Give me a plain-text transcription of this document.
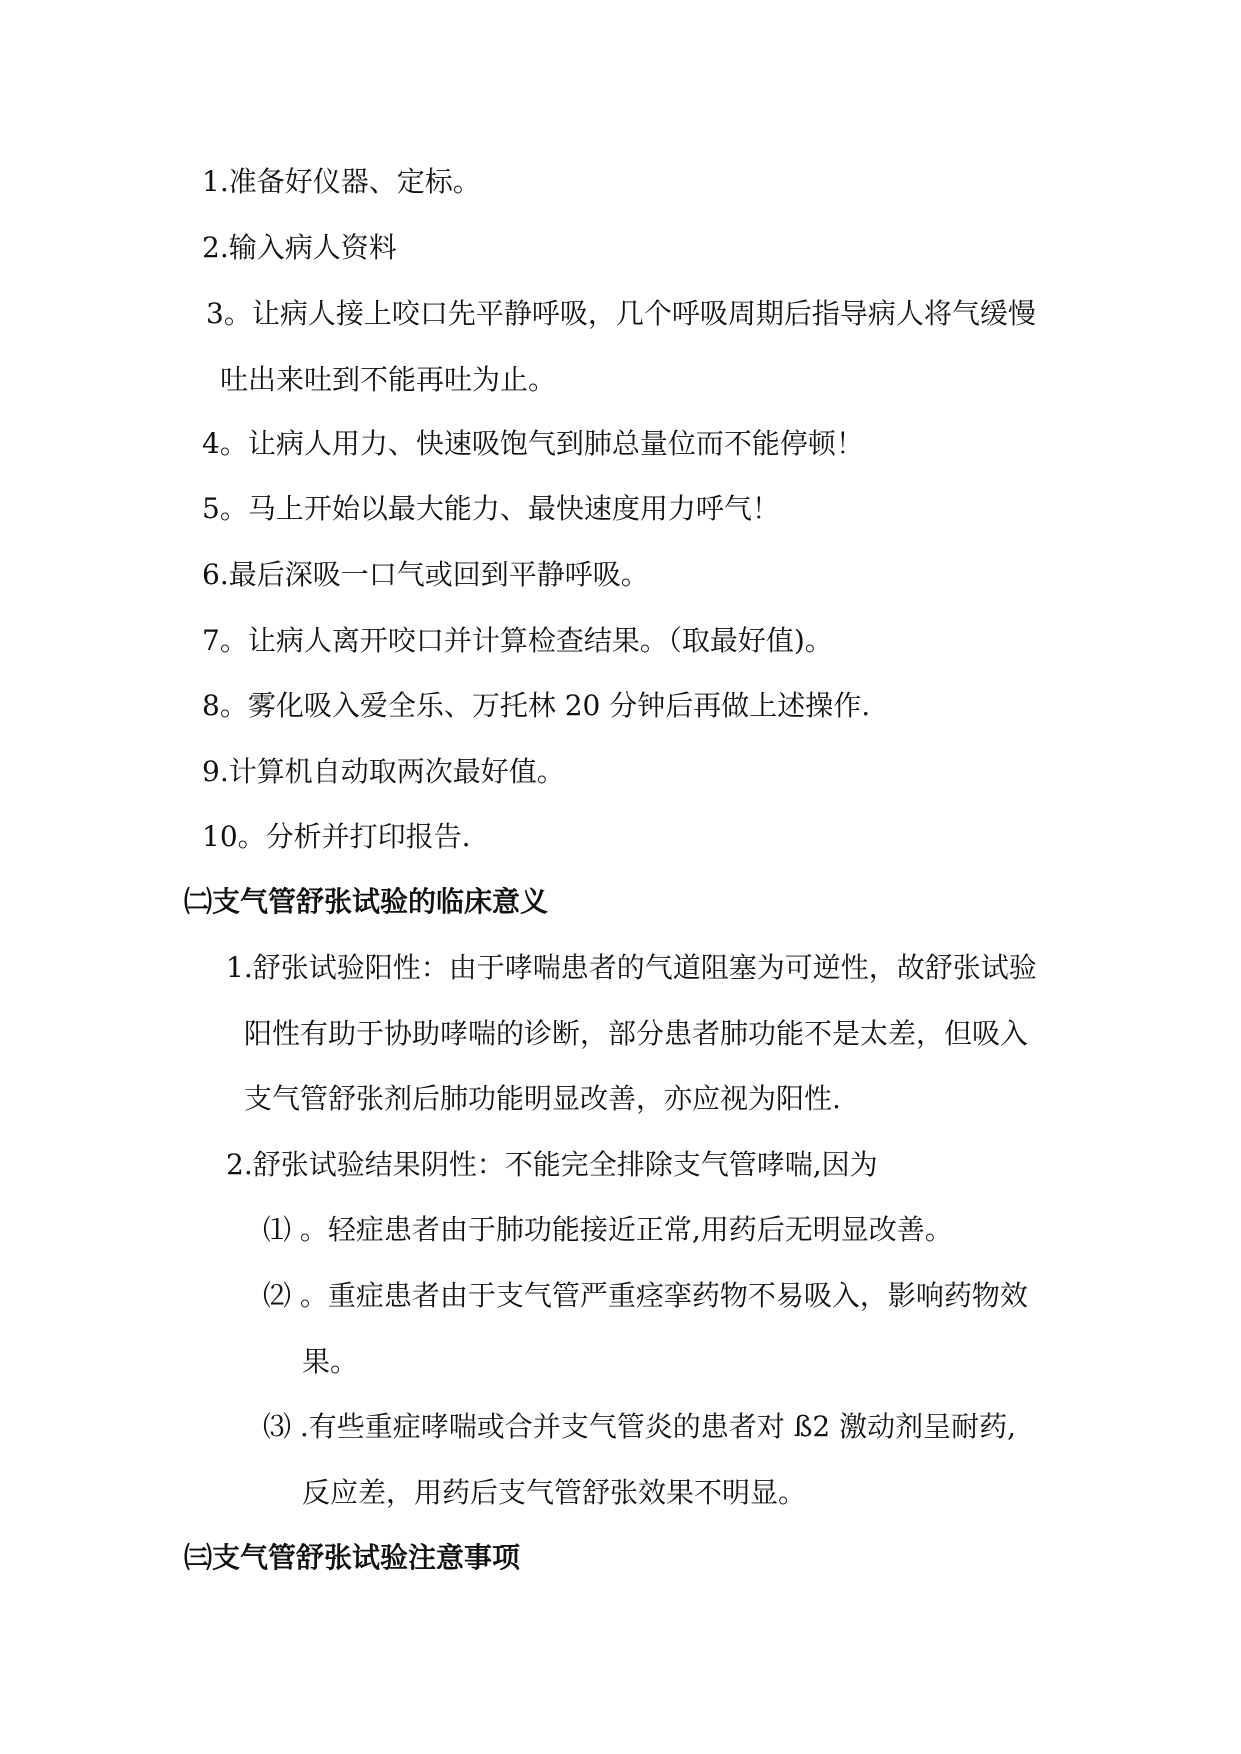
1.准备好仪器、定标。
2.输入病人资料
3。让病人接上咬口先平静呼吸，几个呼吸周期后指导病人将气缓慢
吐出来吐到不能再吐为止。
4。让病人用力、快速吸饱气到肺总量位而不能停顿！
5。马上开始以最大能力、最快速度用力呼气！
6.最后深吸一口气或回到平静呼吸。
7。让病人离开咬口并计算检查结果。（取最好值)。
8。雾化吸入爱全乐、万托林 20 分钟后再做上述操作.
9.计算机自动取两次最好值。
10。分析并打印报告.
㈡支气管舒张试验的临床意义
1.舒张试验阳性：由于哮喘患者的气道阻塞为可逆性，故舒张试验
阳性有助于协助哮喘的诊断，部分患者肺功能不是太差，但吸入
支气管舒张剂后肺功能明显改善，亦应视为阳性.
2.舒张试验结果阴性：不能完全排除支气管哮喘,因为
⑴ 。轻症患者由于肺功能接近正常,用药后无明显改善。
⑵ 。重症患者由于支气管严重痉挛药物不易吸入，影响药物效
果。
⑶ .有些重症哮喘或合并支气管炎的患者对 ß2 激动剂呈耐药,
反应差，用药后支气管舒张效果不明显。
㈢支气管舒张试验注意事项
